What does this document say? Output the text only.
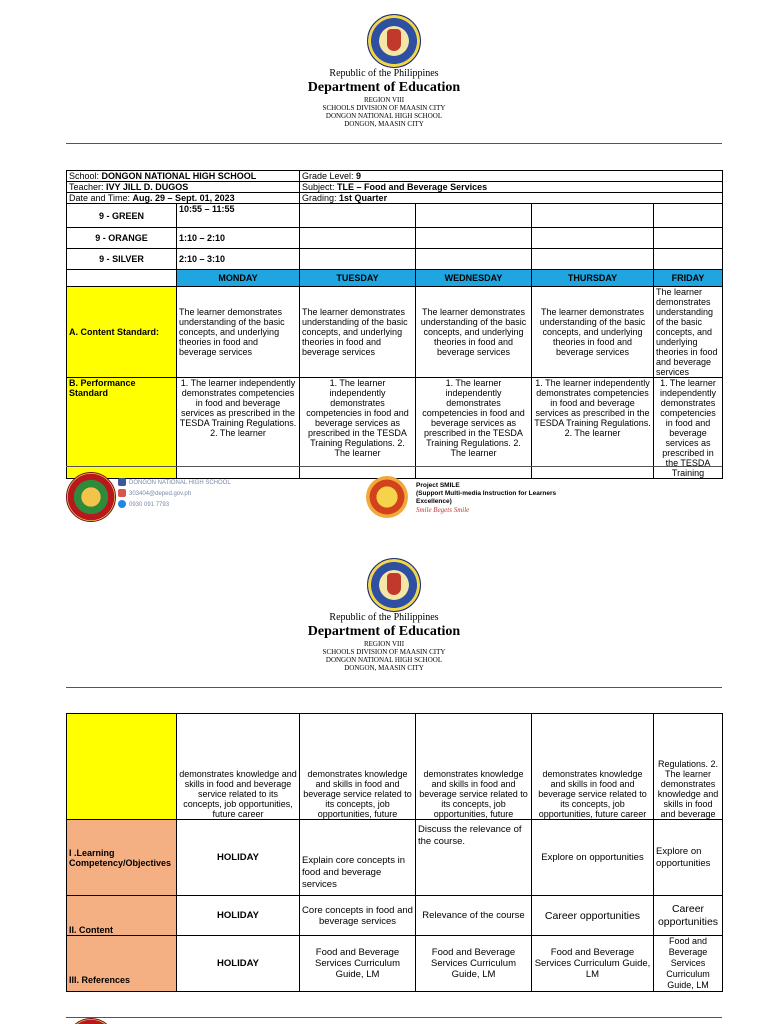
Republic of the Philippines
Department of Education
REGION VIII
SCHOOLS DIVISION OF MAASIN CITY
DONGON NATIONAL HIGH SCHOOL
DONGON, MAASIN CITY
School: DONGON NATIONAL HIGH SCHOOL		Grade Level: 9			
Teacher: IVY JILL D. DUGOS		Subject: TLE – Food and Beverage Services			
Date and Time: Aug. 29 – Sept. 01, 2023		Grading: 1st Quarter			
9 - GREEN	10:55 – 11:55				
9 - ORANGE	1:10 – 2:10				
9 - SILVER	2:10 – 3:10				
	MONDAY	TUESDAY	WEDNESDAY	THURSDAY	FRIDAY
A. Content Standard:	The learner demonstrates understanding of the basic concepts, and underlying theories in food and beverage services	The learner demonstrates understanding of the basic concepts, and underlying theories in food and beverage services	The learner demonstrates understanding of the basic concepts, and underlying theories in food and beverage services	The learner demonstrates understanding of the basic concepts, and underlying theories in food and beverage services	The learner demonstrates understanding of the basic concepts, and underlying theories in food and beverage services
B. Performance Standard	1. The learner independently demonstrates competencies in food and beverage services as prescribed in the TESDA Training Regulations. 2. The learner	1. The learner independently demonstrates competencies in food and beverage services as prescribed in the TESDA Training Regulations. 2. The learner	1. The learner independently demonstrates competencies in food and beverage services as prescribed in the TESDA Training Regulations. 2. The learner	1. The learner independently demonstrates competencies in food and beverage services as prescribed in the TESDA Training Regulations. 2. The learner	1. The learner independently demonstrates competencies in food and beverage services as prescribed in the TESDA Training
DONGON NATIONAL HIGH SCHOOL
303404@deped.gov.ph
0930 091 7793
Project SMILE
(Support Multi-media Instruction for Learners Excellence)
Smile Begets Smile
Republic of the Philippines
Department of Education
REGION VIII
SCHOOLS DIVISION OF MAASIN CITY
DONGON NATIONAL HIGH SCHOOL
DONGON, MAASIN CITY
	demonstrates knowledge and skills in food and beverage service related to its concepts, job opportunities, future career	demonstrates knowledge and skills in food and beverage service related to its concepts, job opportunities, future	demonstrates knowledge and skills in food and beverage service related to its concepts, job opportunities, future	demonstrates knowledge and skills in food and beverage service related to its concepts, job opportunities, future career	Regulations. 2. The learner demonstrates knowledge and skills in food and beverage
I .Learning Competency/Objectives	HOLIDAY	Explain core concepts in food and beverage services	Discuss the relevance of the course.	Explore on opportunities	Explore on opportunities
II. Content	HOLIDAY	Core concepts in food and beverage services	Relevance of the course	Career opportunities	Career opportunities
III. References	HOLIDAY	Food and Beverage Services Curriculum Guide, LM	Food and Beverage Services Curriculum Guide, LM	Food and Beverage Services Curriculum Guide, LM	Food and Beverage Services Curriculum Guide, LM
